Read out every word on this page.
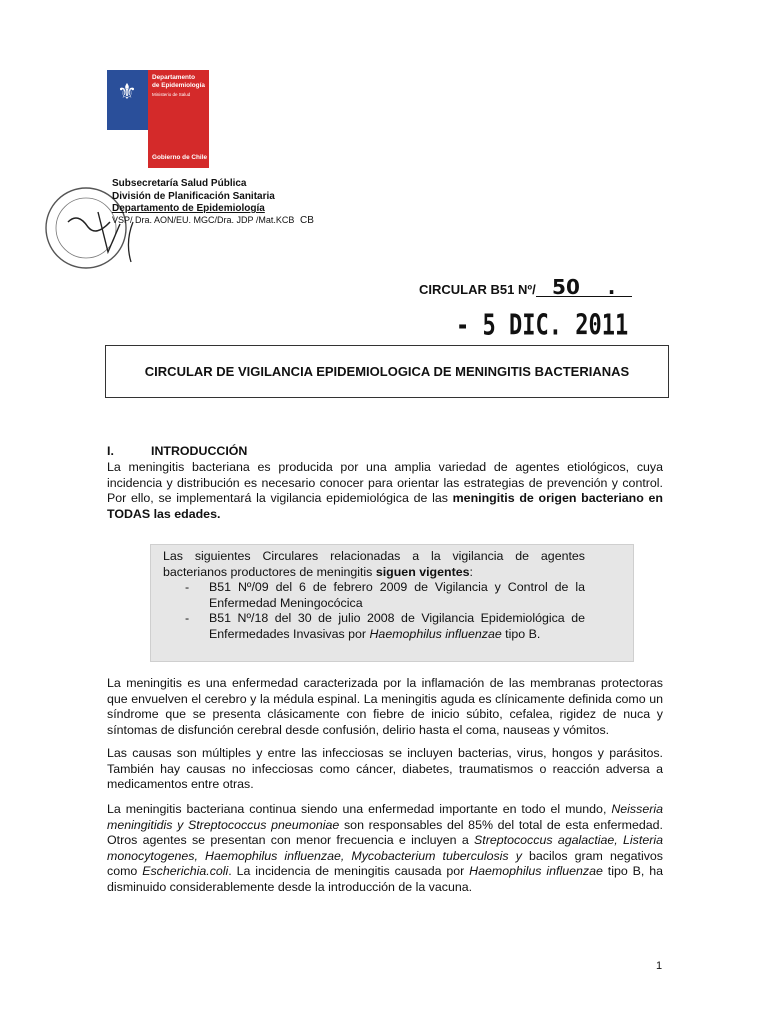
⚜
Departamento
de Epidemiología
Ministerio de Salud
Gobierno de Chile
Subsecretaría Salud Pública
División de Planificación Sanitaria
Departamento de Epidemiología
VSP/ Dra. AON/EU. MGC/Dra. JDP /Mat.KCB CB
CIRCULAR B51 Nº/ 50 .
- 5 DIC. 2011
CIRCULAR DE VIGILANCIA EPIDEMIOLOGICA DE MENINGITIS BACTERIANAS
I.	INTRODUCCIÓN
La meningitis bacteriana es producida por una amplia variedad de agentes etiológicos, cuya incidencia y distribución es necesario conocer para orientar las estrategias de prevención y control. Por ello, se implementará la vigilancia epidemiológica de las meningitis de origen bacteriano en TODAS las edades.
Las siguientes Circulares relacionadas a la vigilancia de agentes bacterianos productores de meningitis siguen vigentes:
- B51 Nº/09 del 6 de febrero 2009 de Vigilancia y Control de la Enfermedad Meningocócica
- B51 Nº/18 del 30 de julio 2008 de Vigilancia Epidemiológica de Enfermedades Invasivas por Haemophilus influenzae tipo B.
La meningitis es una enfermedad caracterizada por la inflamación de las membranas protectoras que envuelven el cerebro y la médula espinal. La meningitis aguda es clínicamente definida como un síndrome que se presenta clásicamente con fiebre de inicio súbito, cefalea, rigidez de nuca y síntomas de disfunción cerebral desde confusión, delirio hasta el coma, nauseas y vómitos.
Las causas son múltiples y entre las infecciosas se incluyen bacterias, virus, hongos y parásitos. También hay causas no infecciosas como cáncer, diabetes, traumatismos o reacción adversa a medicamentos entre otras.
La meningitis bacteriana continua siendo una enfermedad importante en todo el mundo, Neisseria meningitidis y Streptococcus pneumoniae son responsables del 85% del total de esta enfermedad. Otros agentes se presentan con menor frecuencia e incluyen a Streptococcus agalactiae, Listeria monocytogenes, Haemophilus influenzae, Mycobacterium tuberculosis y bacilos gram negativos como Escherichia.coli. La incidencia de meningitis causada por Haemophilus influenzae tipo B, ha disminuido considerablemente desde la introducción de la vacuna.
1
